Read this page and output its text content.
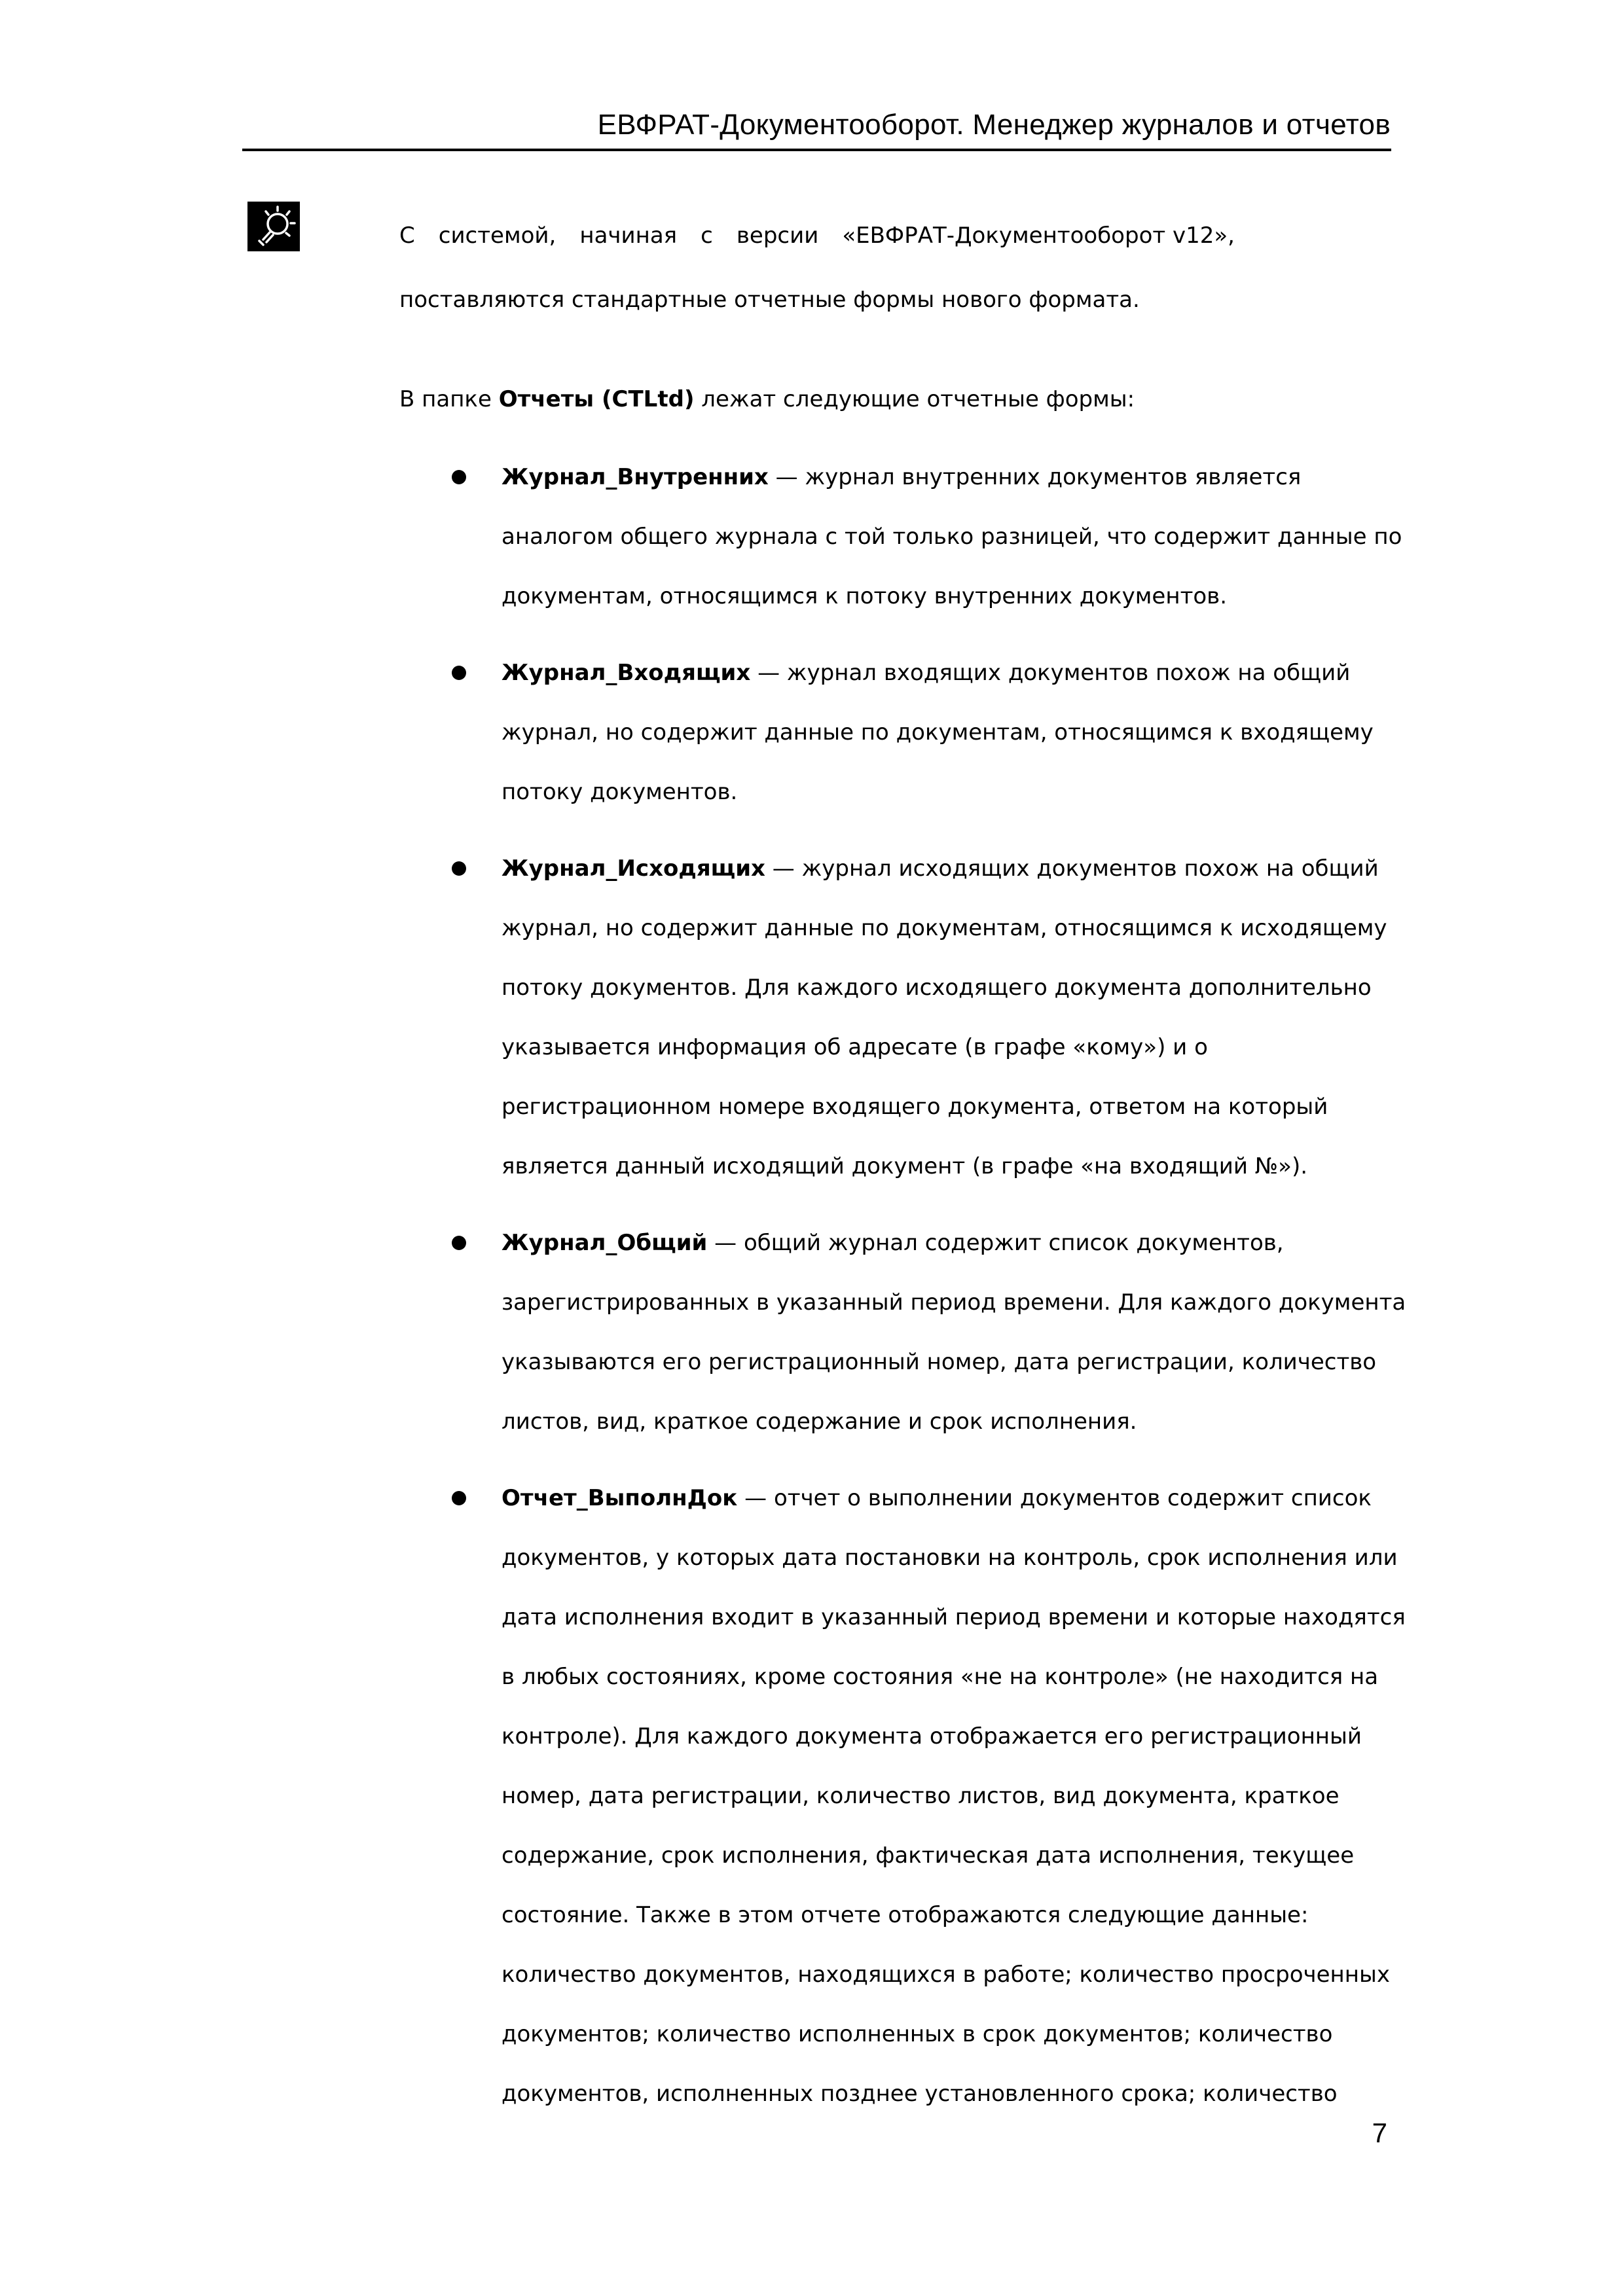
ЕВФРАТ-Документооборот. Менеджер журналов и отчетов
С системой, начиная с версии «ЕВФРАТ-Документооборот v12»,
поставляются стандартные отчетные формы нового формата.
В папке Отчеты (CTLtd) лежат следующие отчетные формы:
Журнал_Внутренних — журнал внутренних документов является
аналогом общего журнала с той только разницей, что содержит данные по
документам, относящимся к потоку внутренних документов.
Журнал_Входящих — журнал входящих документов похож на общий
журнал, но содержит данные по документам, относящимся к входящему
потоку документов.
Журнал_Исходящих — журнал исходящих документов похож на общий
журнал, но содержит данные по документам, относящимся к исходящему
потоку документов. Для каждого исходящего документа дополнительно
указывается информация об адресате (в графе «кому») и о
регистрационном номере входящего документа, ответом на который
является данный исходящий документ (в графе «на входящий №»).
Журнал_Общий — общий журнал содержит список документов,
зарегистрированных в указанный период времени. Для каждого документа
указываются его регистрационный номер, дата регистрации, количество
листов, вид, краткое содержание и срок исполнения.
Отчет_ВыполнДок — отчет о выполнении документов содержит список
документов, у которых дата постановки на контроль, срок исполнения или
дата исполнения входит в указанный период времени и которые находятся
в любых состояниях, кроме состояния «не на контроле» (не находится на
контроле). Для каждого документа отображается его регистрационный
номер, дата регистрации, количество листов, вид документа, краткое
содержание, срок исполнения, фактическая дата исполнения, текущее
состояние. Также в этом отчете отображаются следующие данные:
количество документов, находящихся в работе; количество просроченных
документов; количество исполненных в срок документов; количество
документов, исполненных позднее установленного срока; количество
7
